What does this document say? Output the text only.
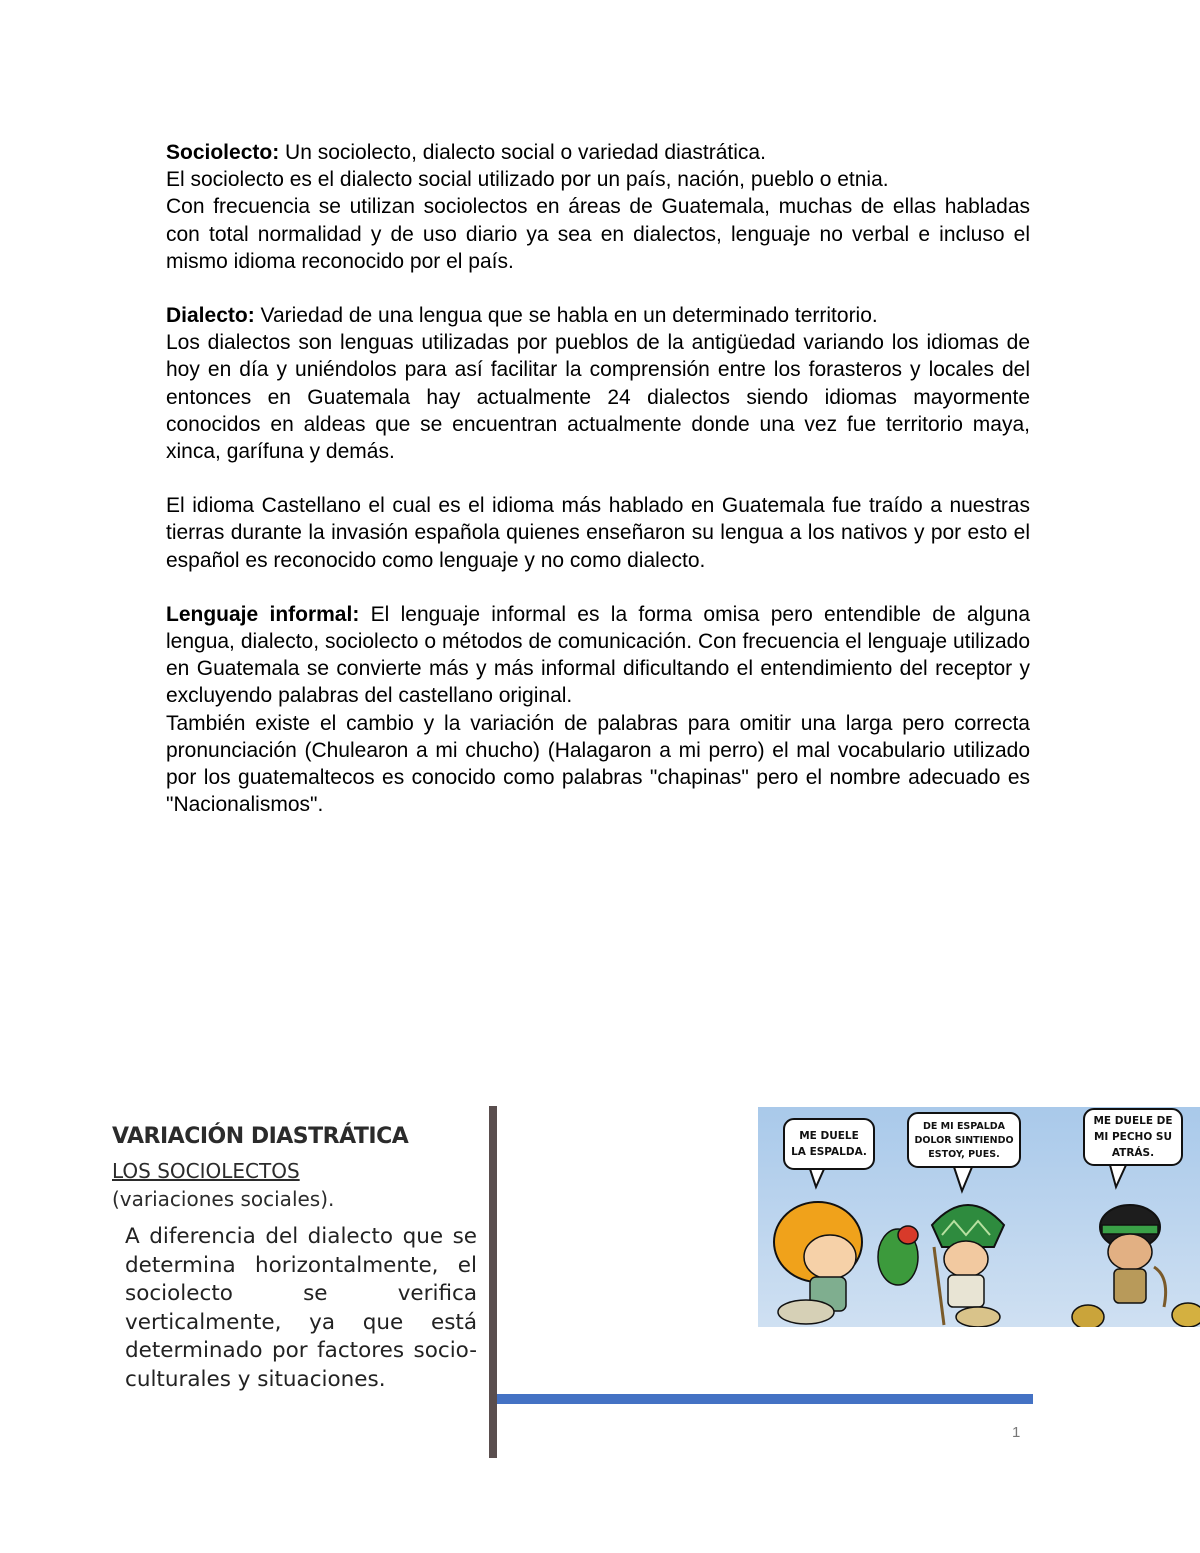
Sociolecto: Un sociolecto, dialecto social o variedad diastrática.
El sociolecto es el dialecto social utilizado por un país, nación, pueblo o etnia.
Con frecuencia se utilizan sociolectos en áreas de Guatemala, muchas de ellas habladas con total normalidad y de uso diario ya sea en dialectos, lenguaje no verbal e incluso el mismo idioma reconocido por el país.

Dialecto: Variedad de una lengua que se habla en un determinado territorio.
Los dialectos son lenguas utilizadas por pueblos de la antigüedad variando los idiomas de hoy en día y uniéndolos para así facilitar la comprensión entre los forasteros y locales del entonces en Guatemala hay actualmente 24 dialectos siendo idiomas mayormente conocidos en aldeas que se encuentran actualmente donde una vez fue territorio maya, xinca, garífuna y demás.

El idioma Castellano el cual es el idioma más hablado en Guatemala fue traído a nuestras tierras durante la invasión española quienes enseñaron su lengua a los nativos y por esto el español es reconocido como lenguaje y no como dialecto.

Lenguaje informal: El lenguaje informal es la forma omisa pero entendible de alguna lengua, dialecto, sociolecto o métodos de comunicación. Con frecuencia el lenguaje utilizado en Guatemala se convierte más y más informal dificultando el entendimiento del receptor y excluyendo palabras del castellano original.
También existe el cambio y la variación de palabras para omitir una larga pero correcta pronunciación (Chulearon a mi chucho) (Halagaron a mi perro) el mal vocabulario utilizado por los guatemaltecos es conocido como palabras "chapinas" pero el nombre adecuado es "Nacionalismos".

VARIACIÓN DIASTRÁTICA
LOS SOCIOLECTOS
(variaciones sociales).
A diferencia del dialecto que se determina horizontalmente, el sociolecto se verifica verticalmente, ya que está determinado por factores socio-culturales y situaciones.
1
ME DUELE
LA ESPALDA.
DE MI ESPALDA
DOLOR SINTIENDO
ESTOY, PUES.
ME DUELE DE
MI PECHO SU
ATRÁS.
